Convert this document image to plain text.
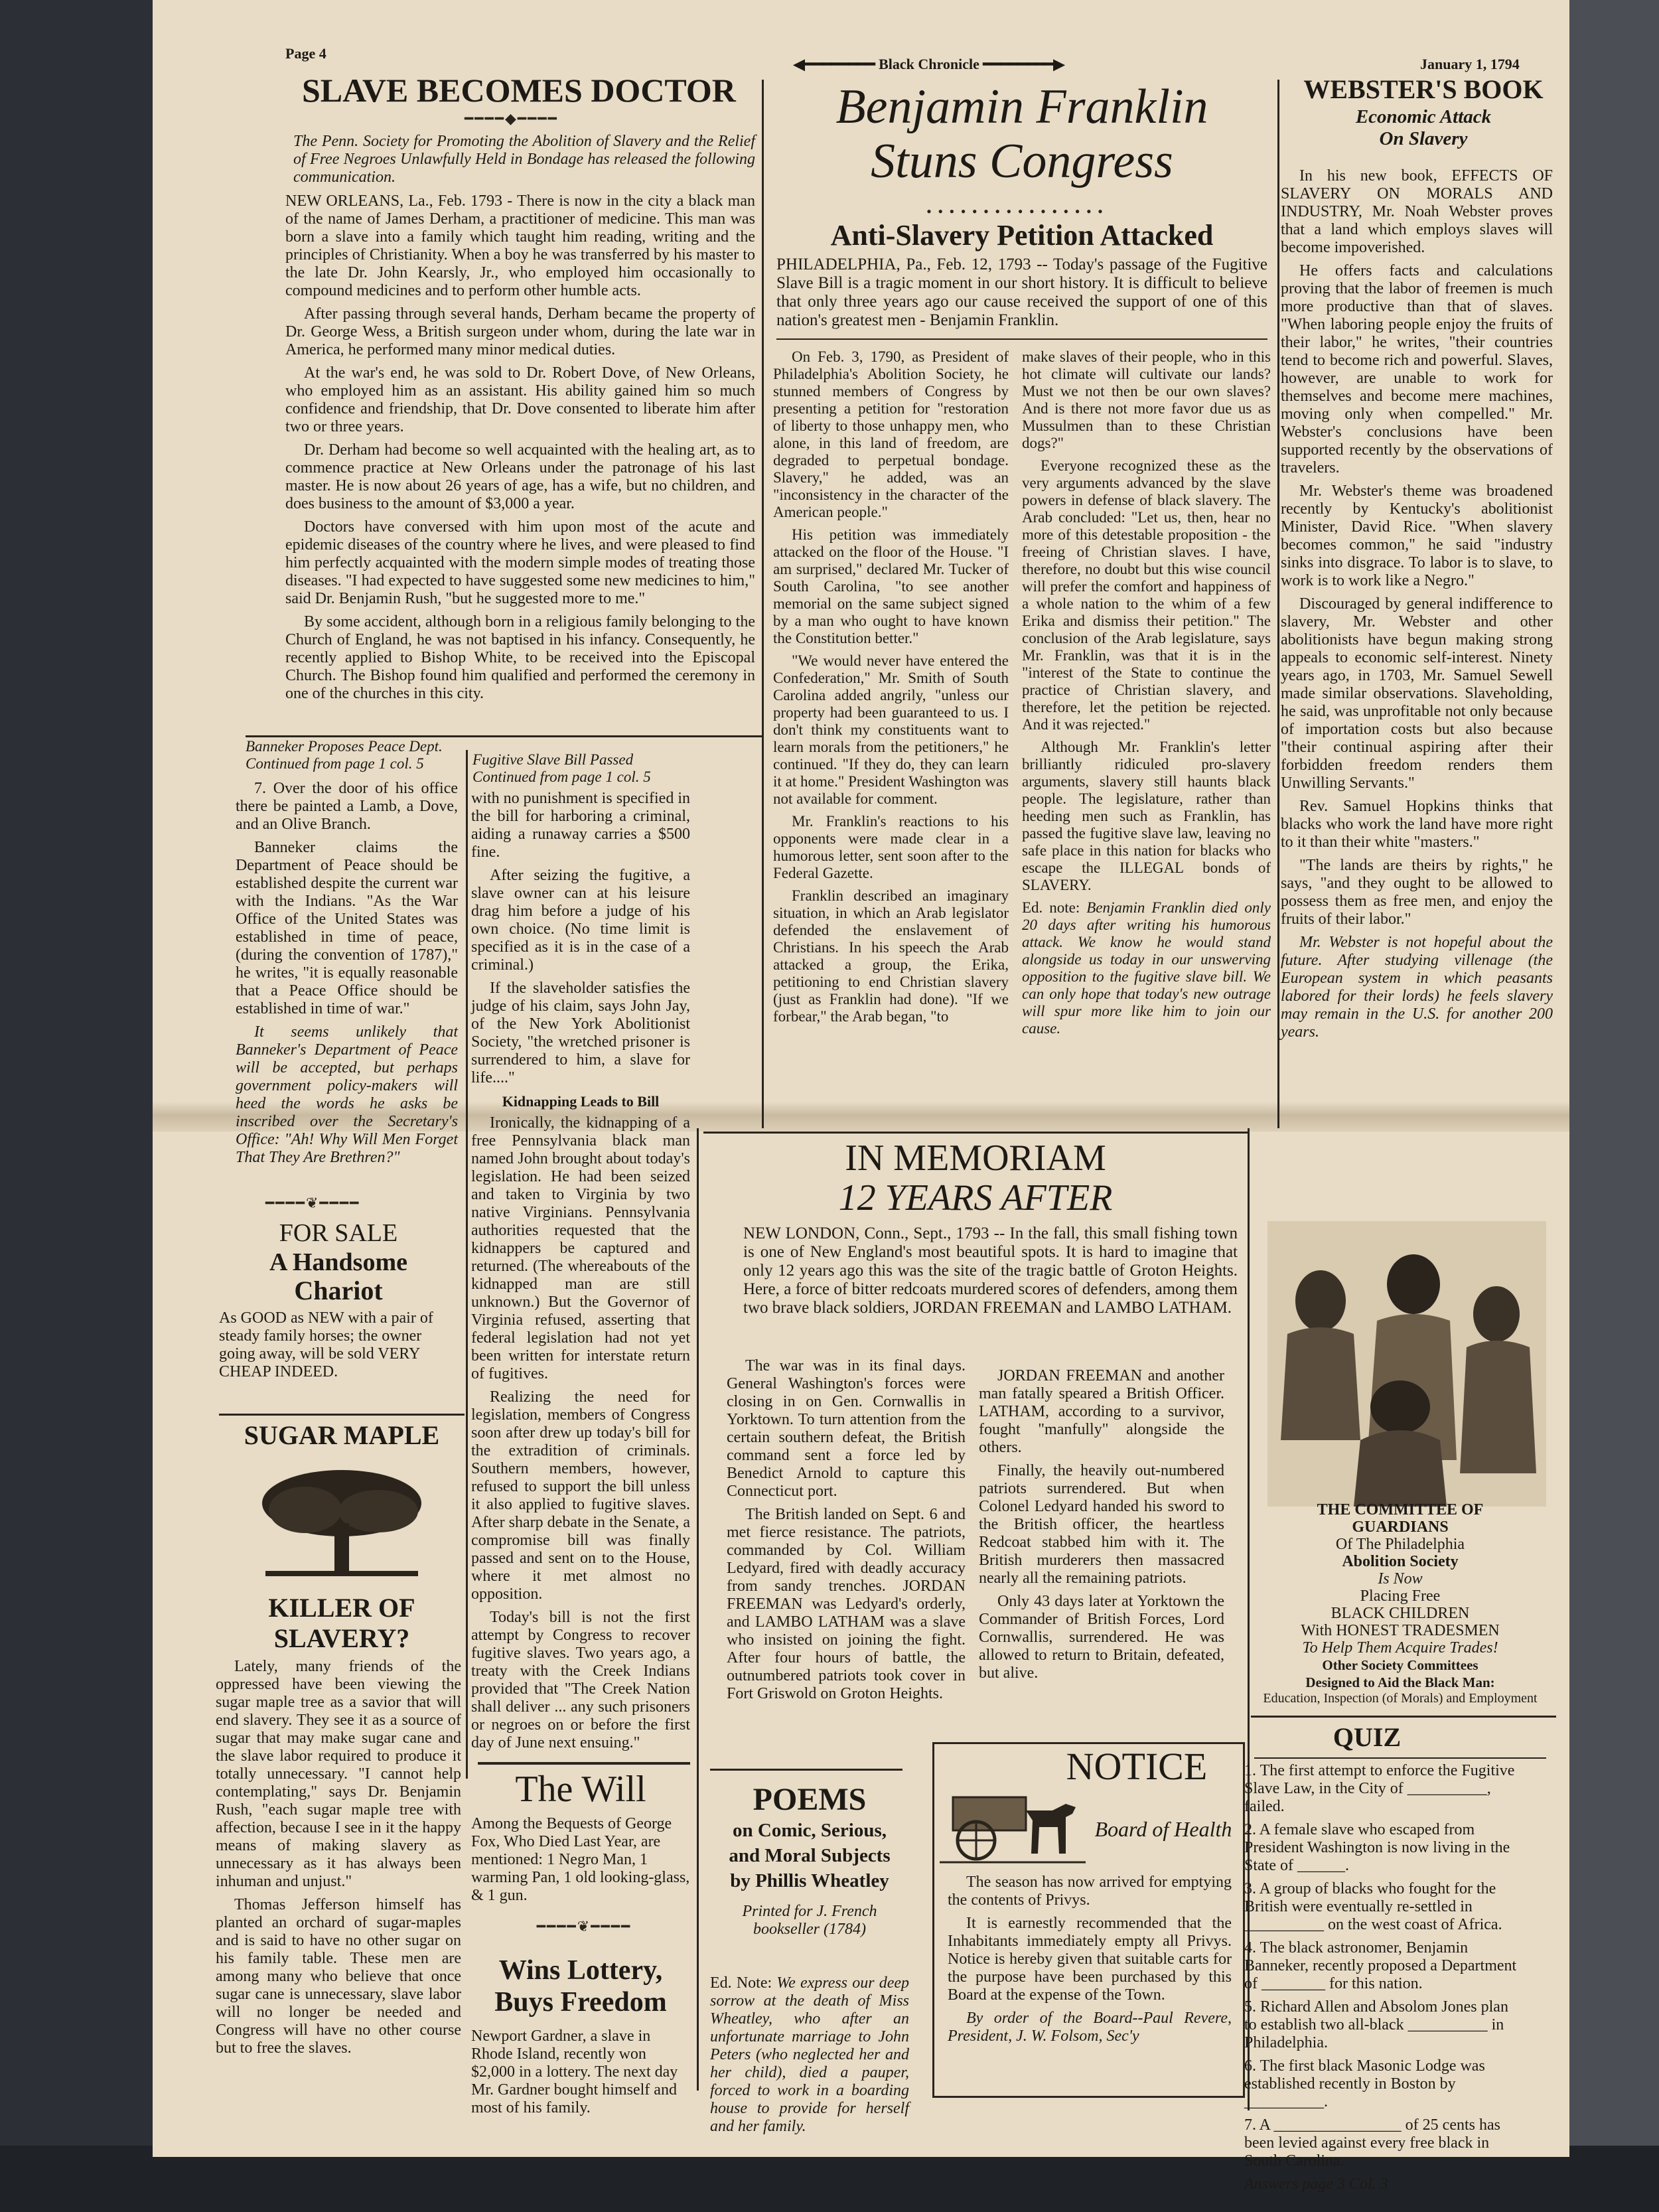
Page 4
◀━━━━━━━━ Black Chronicle ━━━━━━━━▶	January 1, 1794
SLAVE BECOMES DOCTOR
━━━━◆━━━━

The Penn. Society for Promoting the Abolition of Slavery and the Relief of Free Negroes Unlawfully Held in Bondage has released the following communication.

NEW ORLEANS, La., Feb. 1793 - There is now in the city a black man of the name of James Derham, a practitioner of medicine. This man was born a slave into a family which taught him reading, writing and the principles of Christianity. When a boy he was transferred by his master to the late Dr. John Kearsly, Jr., who employed him occasionally to compound medicines and to perform other humble acts.

After passing through several hands, Derham became the property of Dr. George Wess, a British surgeon under whom, during the late war in America, he performed many minor medical duties.

At the war's end, he was sold to Dr. Robert Dove, of New Orleans, who employed him as an assistant. His ability gained him so much confidence and friendship, that Dr. Dove consented to liberate him after two or three years.

Dr. Derham had become so well acquainted with the healing art, as to commence practice at New Orleans under the patronage of his last master. He is now about 26 years of age, has a wife, but no children, and does business to the amount of $3,000 a year.

Doctors have conversed with him upon most of the acute and epidemic diseases of the country where he lives, and were pleased to find him perfectly acquainted with the modern simple modes of treating those diseases. "I had expected to have suggested some new medicines to him," said Dr. Benjamin Rush, "but he suggested more to me."

By some accident, although born in a religious family belonging to the Church of England, he was not baptised in his infancy. Consequently, he recently applied to Bishop White, to be received into the Episcopal Church. The Bishop found him qualified and performed the ceremony in one of the churches in this city.

Benjamin Franklin
Stuns Congress
• • • • • • • • • • • • • • • •
Anti-Slavery Petition Attacked

PHILADELPHIA, Pa., Feb. 12, 1793 -- Today's passage of the Fugitive Slave Bill is a tragic moment in our short history. It is difficult to believe that only three years ago our cause received the support of one of this nation's greatest men - Benjamin Franklin.

On Feb. 3, 1790, as President of Philadelphia's Abolition Society, he stunned members of Congress by presenting a petition for "restoration of liberty to those unhappy men, who alone, in this land of freedom, are degraded to perpetual bondage. Slavery," he added, was an "inconsistency in the character of the American people."

His petition was immediately attacked on the floor of the House. "I am surprised," declared Mr. Tucker of South Carolina, "to see another memorial on the same subject signed by a man who ought to have known the Constitution better."

"We would never have entered the Confederation," Mr. Smith of South Carolina added angrily, "unless our property had been guaranteed to us. I don't think my constituents want to learn morals from the petitioners," he continued. "If they do, they can learn it at home." President Washington was not available for comment.

Mr. Franklin's reactions to his opponents were made clear in a humorous letter, sent soon after to the Federal Gazette.

Franklin described an imaginary situation, in which an Arab legislator defended the enslavement of Christians. In his speech the Arab attacked a group, the Erika, petitioning to end Christian slavery (just as Franklin had done). "If we forbear," the Arab began, "to

make slaves of their people, who in this hot climate will cultivate our lands? Must we not then be our own slaves? And is there not more favor due us as Mussulmen than to these Christian dogs?"

Everyone recognized these as the very arguments advanced by the slave powers in defense of black slavery. The Arab concluded: "Let us, then, hear no more of this detestable proposition - the freeing of Christian slaves. I have, therefore, no doubt but this wise council will prefer the comfort and happiness of a whole nation to the whim of a few Erika and dismiss their petition." The conclusion of the Arab legislature, says Mr. Franklin, was that it is in the "interest of the State to continue the practice of Christian slavery, and therefore, let the petition be rejected. And it was rejected."

Although Mr. Franklin's letter brilliantly ridiculed pro-slavery arguments, slavery still haunts black people. The legislature, rather than heeding men such as Franklin, has passed the fugitive slave law, leaving no safe place in this nation for blacks who escape the ILLEGAL bonds of SLAVERY.

Ed. note: Benjamin Franklin died only 20 days after writing his humorous attack. We know he would stand alongside us today in our unswerving opposition to the fugitive slave bill. We can only hope that today's new outrage will spur more like him to join our cause.

WEBSTER'S BOOK
Economic Attack
On Slavery

In his new book, EFFECTS OF SLAVERY ON MORALS AND INDUSTRY, Mr. Noah Webster proves that a land which employs slaves will become impoverished.

He offers facts and calculations proving that the labor of freemen is much more productive than that of slaves. "When laboring people enjoy the fruits of their labor," he writes, "their countries tend to become rich and powerful. Slaves, however, are unable to work for themselves and become mere machines, moving only when compelled." Mr. Webster's conclusions have been supported recently by the observations of travelers.

Mr. Webster's theme was broadened recently by Kentucky's abolitionist Minister, David Rice. "When slavery becomes common," he said "industry sinks into disgrace. To labor is to slave, to work is to work like a Negro."

Discouraged by general indifference to slavery, Mr. Webster and other abolitionists have begun making strong appeals to economic self-interest. Ninety years ago, in 1703, Mr. Samuel Sewell made similar observations. Slaveholding, he said, was unprofitable not only because of importation costs but also because "their continual aspiring after their forbidden freedom renders them Unwilling Servants."

Rev. Samuel Hopkins thinks that blacks who work the land have more right to it than their white "masters."

"The lands are theirs by rights," he says, "and they ought to be allowed to possess them as free men, and enjoy the fruits of their labor."

Mr. Webster is not hopeful about the future. After studying villenage (the European system in which peasants labored for their lords) he feels slavery may remain in the U.S. for another 200 years.

Banneker Proposes Peace Dept.
Continued from page 1 col. 5

7. Over the door of his office there be painted a Lamb, a Dove, and an Olive Branch.

Banneker claims the Department of Peace should be established despite the current war with the Indians. "As the War Office of the United States was established in time of peace, (during the convention of 1787)," he writes, "it is equally reasonable that a Peace Office should be established in time of war."

It seems unlikely that Banneker's Department of Peace will be accepted, but perhaps government policy-makers will heed the words he asks be inscribed over the Secretary's Office: "Ah! Why Will Men Forget That They Are Brethren?"

━━━━❦━━━━
Fugitive Slave Bill Passed
Continued from page 1 col. 5

with no punishment is specified in the bill for harboring a criminal, aiding a runaway carries a $500 fine.

After seizing the fugitive, a slave owner can at his leisure drag him before a judge of his own choice. (No time limit is specified as it is in the case of a criminal.)

If the slaveholder satisfies the judge of his claim, says John Jay, of the New York Abolitionist Society, "the wretched prisoner is surrendered to him, a slave for life...."

Kidnapping Leads to Bill

Ironically, the kidnapping of a free Pennsylvania black man named John brought about today's legislation. He had been seized and taken to Virginia by two native Virginians. Pennsylvania authorities requested that the kidnappers be captured and returned. (The whereabouts of the kidnapped man are still unknown.) But the Governor of Virginia refused, asserting that federal legislation had not yet been written for interstate return of fugitives.

Realizing the need for legislation, members of Congress soon after drew up today's bill for the extradition of criminals. Southern members, however, refused to support the bill unless it also applied to fugitive slaves. After sharp debate in the Senate, a compromise bill was finally passed and sent on to the House, where it met almost no opposition.

Today's bill is not the first attempt by Congress to recover fugitive slaves. Two years ago, a treaty with the Creek Indians provided that "The Creek Nation shall deliver ... any such prisoners or negroes on or before the first day of June next ensuing."

FOR SALE
A Handsome
Chariot
As GOOD as NEW with a pair of steady family horses; the owner going away, will be sold VERY CHEAP INDEED.
SUGAR MAPLE
KILLER OF
SLAVERY?

Lately, many friends of the oppressed have been viewing the sugar maple tree as a savior that will end slavery. They see it as a source of sugar that may make sugar cane and the slave labor required to produce it totally unnecessary. "I cannot help contemplating," says Dr. Benjamin Rush, "each sugar maple tree with affection, because I see in it the happy means of making slavery as unnecessary as it has always been inhuman and unjust."

Thomas Jefferson himself has planted an orchard of sugar-maples and is said to have no other sugar on his family table. These men are among many who believe that once sugar cane is unnecessary, slave labor will no longer be needed and Congress will have no other course but to free the slaves.

The Will
Among the Bequests of George Fox, Who Died Last Year, are mentioned: 1 Negro Man, 1 warming Pan, 1 old looking-glass, & 1 gun.
━━━━❦━━━━
Wins Lottery,
Buys Freedom
Newport Gardner, a slave in Rhode Island, recently won $2,000 in a lottery. The next day Mr. Gardner bought himself and most of his family.
IN MEMORIAM
12 YEARS AFTER

NEW LONDON, Conn., Sept., 1793 -- In the fall, this small fishing town is one of New England's most beautiful spots. It is hard to imagine that only 12 years ago this was the site of the tragic battle of Groton Heights. Here, a force of bitter redcoats murdered scores of defenders, among them two brave black soldiers, JORDAN FREEMAN and LAMBO LATHAM.

The war was in its final days. General Washington's forces were closing in on Gen. Cornwallis in Yorktown. To turn attention from the certain southern defeat, the British command sent a force led by Benedict Arnold to capture this Connecticut port.

The British landed on Sept. 6 and met fierce resistance. The patriots, commanded by Col. William Ledyard, fired with deadly accuracy from sandy trenches. JORDAN FREEMAN was Ledyard's orderly, and LAMBO LATHAM was a slave who insisted on joining the fight. After four hours of battle, the outnumbered patriots took cover in Fort Griswold on Groton Heights.

JORDAN FREEMAN and another man fatally speared a British Officer. LATHAM, according to a survivor, fought "manfully" alongside the others.

Finally, the heavily out-numbered patriots surrendered. But when Colonel Ledyard handed his sword to the British officer, the heartless Redcoat stabbed him with it. The British murderers then massacred nearly all the remaining patriots.

Only 43 days later at Yorktown the Commander of British Forces, Lord Cornwallis, surrendered. He was allowed to return to Britain, defeated, but alive.

POEMS
on Comic, Serious,
and Moral Subjects
by Phillis Wheatley
Printed for J. French
bookseller (1784)

Ed. Note: We express our deep sorrow at the death of Miss Wheatley, who after an unfortunate marriage to John Peters (who neglected her and her child), died a pauper, forced to work in a boarding house to provide for herself and her family.

NOTICE
Board of Health

The season has now arrived for emptying the contents of Privys.

It is earnestly recommended that the Inhabitants immediately empty all Privys. Notice is hereby given that suitable carts for the purpose have been purchased by this Board at the expense of the Town.

By order of the Board--Paul Revere, President, J. W. Folsom, Sec'y

THE COMMITTEE OF
GUARDIANS
Of The Philadelphia
Abolition Society
Is Now
Placing Free
BLACK CHILDREN
With HONEST TRADESMEN
To Help Them Acquire Trades!
Other Society Committees
Designed to Aid the Black Man:
Education, Inspection (of Morals) and Employment
QUIZ

1. The first attempt to enforce the Fugitive Slave Law, in the City of __________, failed.

2. A female slave who escaped from President Washington is now living in the State of ______.

3. A group of blacks who fought for the British were eventually re-settled in __________ on the west coast of Africa.

4. The black astronomer, Benjamin Banneker, recently proposed a Department of ________ for this nation.

5. Richard Allen and Absolom Jones plan to establish two all-black __________ in Philadelphia.

6. The first black Masonic Lodge was established recently in Boston by __________.

7. A ________________ of 25 cents has been levied against every free black in South Carolina.

Answers page 3 Col. 3
